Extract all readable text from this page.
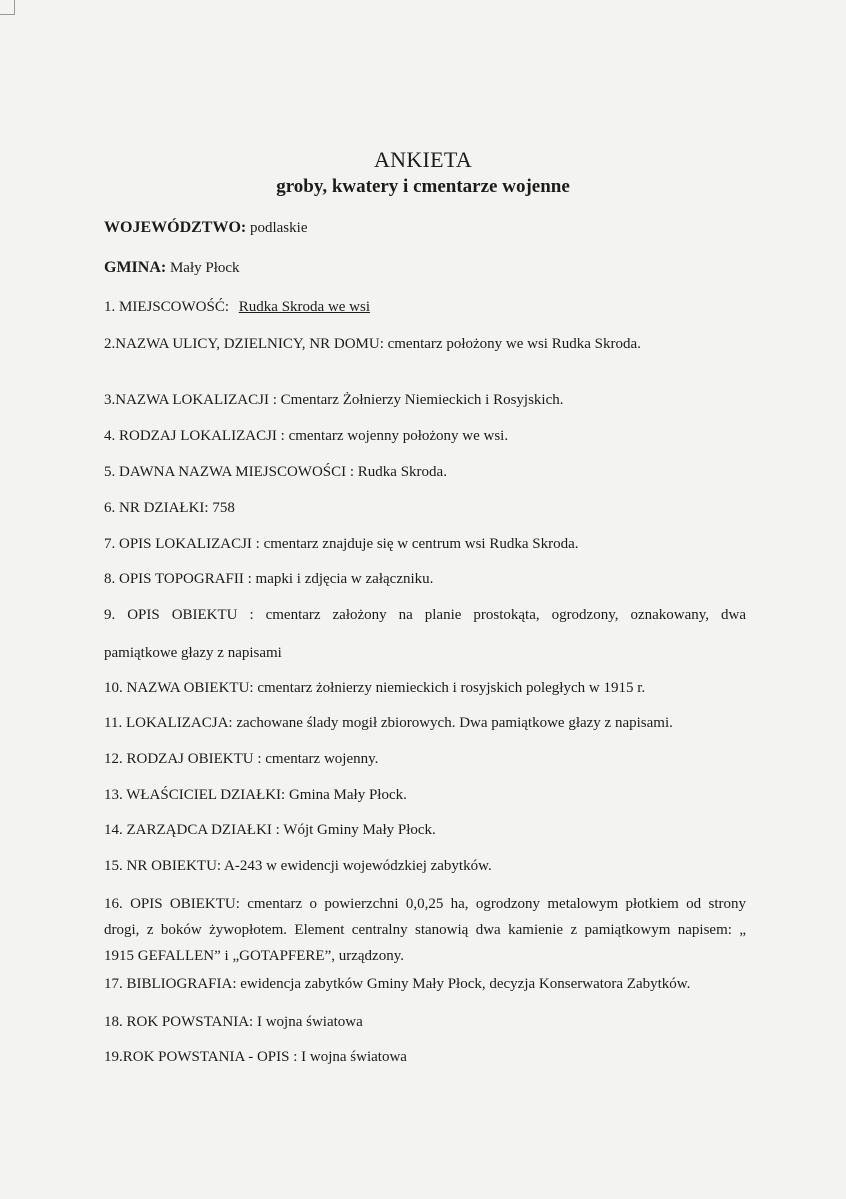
ANKIETA
groby, kwatery i cmentarze wojenne
WOJEWÓDZTWO: podlaskie
GMINA: Mały Płock
1. MIEJSCOWOŚĆ: Rudka Skroda we wsi
2.NAZWA ULICY, DZIELNICY, NR DOMU: cmentarz położony we wsi Rudka Skroda.
3.NAZWA LOKALIZACJI : Cmentarz Żołnierzy Niemieckich i Rosyjskich.
4. RODZAJ LOKALIZACJI : cmentarz wojenny położony we wsi.
5. DAWNA NAZWA MIEJSCOWOŚCI : Rudka Skroda.
6. NR DZIAŁKI: 758
7. OPIS LOKALIZACJI : cmentarz znajduje się w centrum wsi Rudka Skroda.
8. OPIS TOPOGRAFII : mapki i zdjęcia w załączniku.
9. OPIS OBIEKTU : cmentarz założony na planie prostokąta, ogrodzony, oznakowany, dwa
pamiątkowe głazy z napisami
10. NAZWA OBIEKTU: cmentarz żołnierzy niemieckich i rosyjskich poległych w 1915 r.
11. LOKALIZACJA: zachowane ślady mogił zbiorowych. Dwa pamiątkowe głazy z napisami.
12. RODZAJ OBIEKTU : cmentarz wojenny.
13. WŁAŚCICIEL DZIAŁKI: Gmina Mały Płock.
14. ZARZĄDCA DZIAŁKI : Wójt Gminy Mały Płock.
15. NR OBIEKTU: A-243 w ewidencji wojewódzkiej zabytków.
16. OPIS OBIEKTU: cmentarz o powierzchni 0,0,25 ha, ogrodzony metalowym płotkiem od strony
drogi, z boków żywopłotem. Element centralny stanowią dwa kamienie z pamiątkowym napisem: „
1915 GEFALLEN” i „GOTAPFERE”, urządzony.
17. BIBLIOGRAFIA: ewidencja zabytków Gminy Mały Płock, decyzja Konserwatora Zabytków.
18. ROK POWSTANIA: I wojna światowa
19.ROK POWSTANIA - OPIS : I wojna światowa
